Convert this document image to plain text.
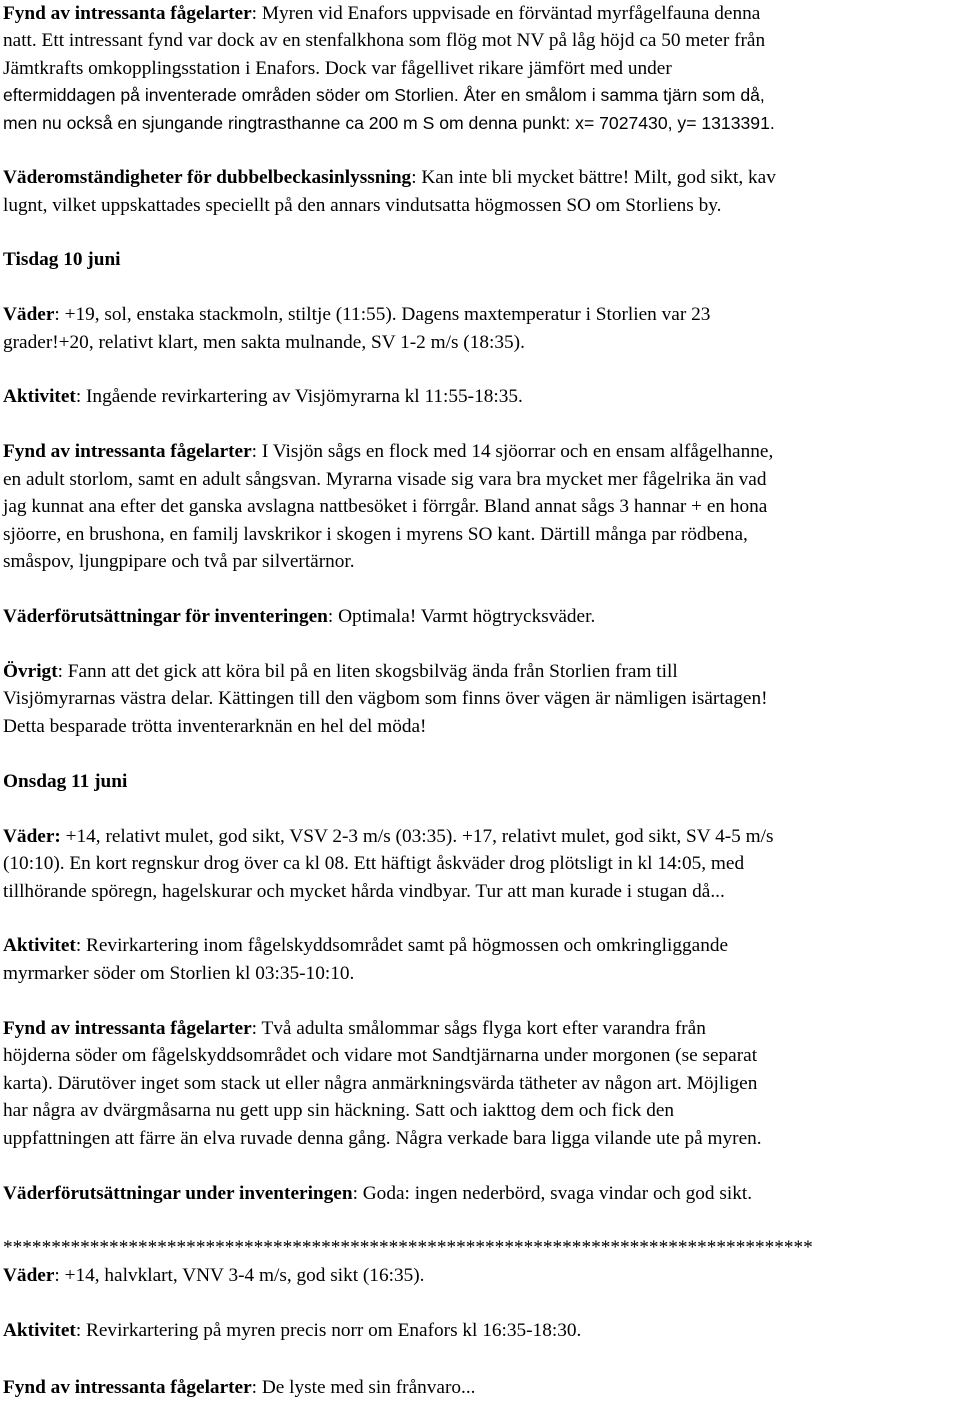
Fynd av intressanta fågelarter: Myren vid Enafors uppvisade en förväntad myrfågelfauna denna
natt. Ett intressant fynd var dock av en stenfalkhona som flög mot NV på låg höjd ca 50 meter från
Jämtkrafts omkopplingsstation i Enafors. Dock var fågellivet rikare jämfört med under
eftermiddagen på inventerade områden söder om Storlien. Åter en smålom i samma tjärn som då,
men nu också en sjungande ringtrasthanne ca 200 m S om denna punkt: x= 7027430, y= 1313391.
Väderomständigheter för dubbelbeckasinlyssning: Kan inte bli mycket bättre! Milt, god sikt, kav
lugnt, vilket uppskattades speciellt på den annars vindutsatta högmossen SO om Storliens by.
Tisdag 10 juni
Väder: +19, sol, enstaka stackmoln, stiltje (11:55). Dagens maxtemperatur i Storlien var 23
grader!+20, relativt klart, men sakta mulnande, SV 1-2 m/s (18:35).
Aktivitet: Ingående revirkartering av Visjömyrarna kl 11:55-18:35.
Fynd av intressanta fågelarter: I Visjön sågs en flock med 14 sjöorrar och en ensam alfågelhanne,
en adult storlom, samt en adult sångsvan. Myrarna visade sig vara bra mycket mer fågelrika än vad
jag kunnat ana efter det ganska avslagna nattbesöket i förrgår. Bland annat sågs 3 hannar + en hona
sjöorre, en brushona, en familj lavskrikor i skogen i myrens SO kant. Därtill många par rödbena,
småspov, ljungpipare och två par silvertärnor.
Väderförutsättningar för inventeringen: Optimala! Varmt högtrycksväder.
Övrigt: Fann att det gick att köra bil på en liten skogsbilväg ända från Storlien fram till
Visjömyrarnas västra delar. Kättingen till den vägbom som finns över vägen är nämligen isärtagen!
Detta besparade trötta inventerarknän en hel del möda!
Onsdag 11 juni
Väder: +14, relativt mulet, god sikt, VSV 2-3 m/s (03:35). +17, relativt mulet, god sikt, SV 4-5 m/s
(10:10). En kort regnskur drog över ca kl 08. Ett häftigt åskväder drog plötsligt in kl 14:05, med
tillhörande spöregn, hagelskurar och mycket hårda vindbyar. Tur att man kurade i stugan då...
Aktivitet: Revirkartering inom fågelskyddsområdet samt på högmossen och omkringliggande
myrmarker söder om Storlien kl 03:35-10:10.
Fynd av intressanta fågelarter: Två adulta smålommar sågs flyga kort efter varandra från
höjderna söder om fågelskyddsområdet och vidare mot Sandtjärnarna under morgonen (se separat
karta). Därutöver inget som stack ut eller några anmärkningsvärda tätheter av någon art. Möjligen
har några av dvärgmåsarna nu gett upp sin häckning. Satt och iakttog dem och fick den
uppfattningen att färre än elva ruvade denna gång. Några verkade bara ligga vilande ute på myren.
Väderförutsättningar under inventeringen: Goda: ingen nederbörd, svaga vindar och god sikt.
************************************************************************************
Väder: +14, halvklart, VNV 3-4 m/s, god sikt (16:35).
Aktivitet: Revirkartering på myren precis norr om Enafors kl 16:35-18:30.
Fynd av intressanta fågelarter: De lyste med sin frånvaro...
